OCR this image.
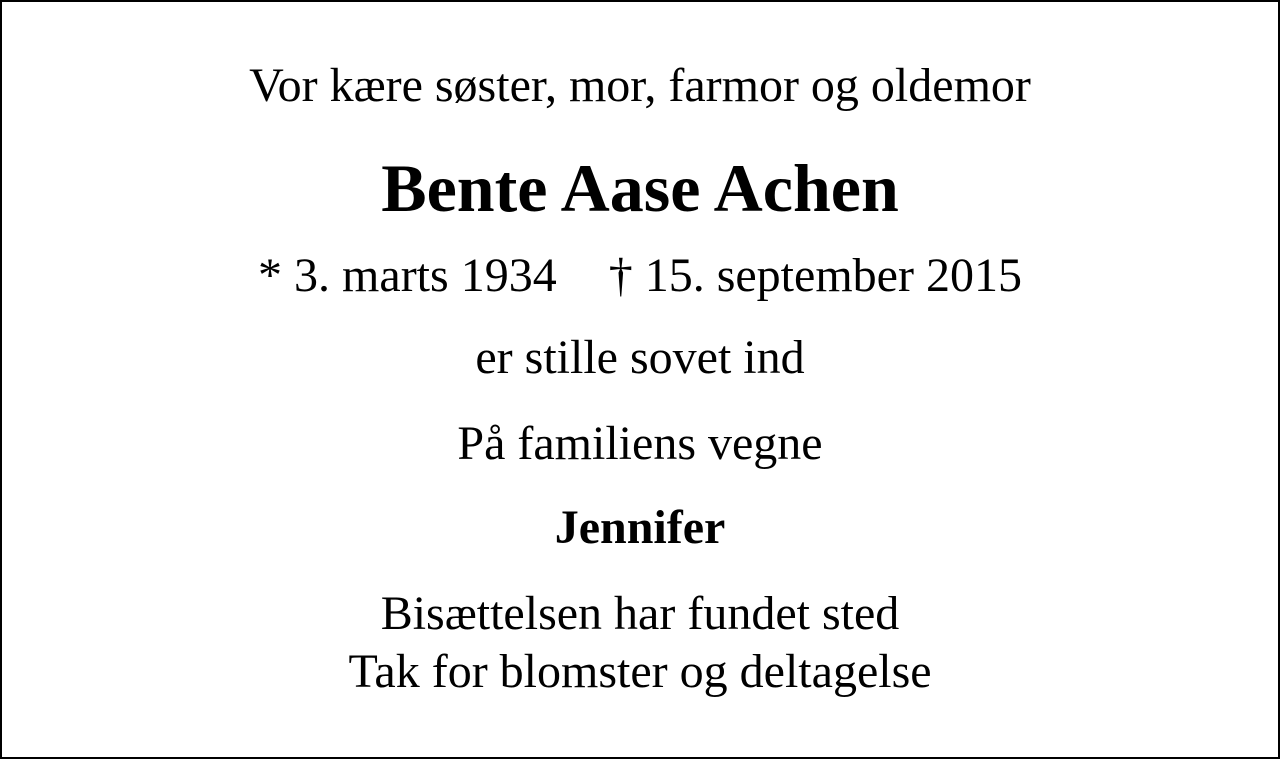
Vor kære søster, mor, farmor og oldemor
Bente Aase Achen
* 3. marts 1934 † 15. september 2015
er stille sovet ind
På familiens vegne
Jennifer
Bisættelsen har fundet sted
Tak for blomster og deltagelse
